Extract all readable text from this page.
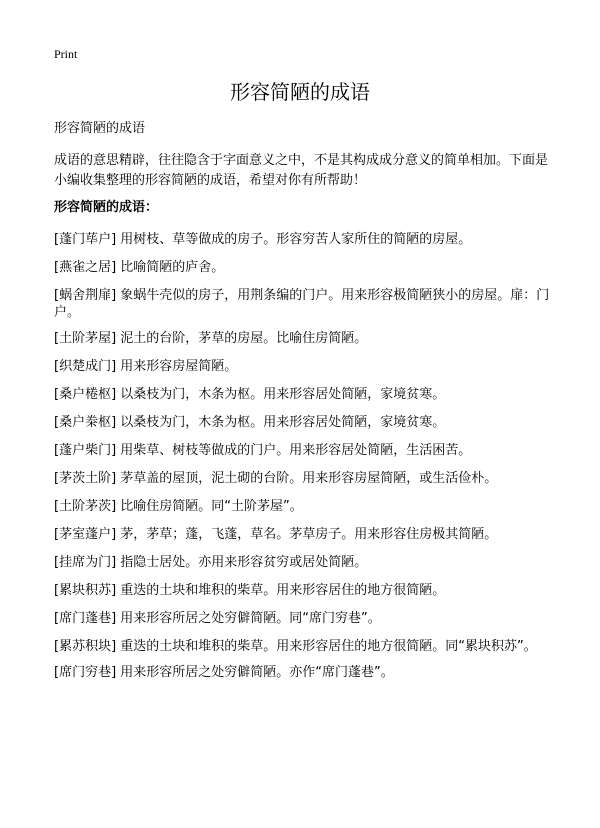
Print
形容简陋的成语
形容简陋的成语
成语的意思精辟，往往隐含于字面意义之中，不是其构成成分意义的简单相加。下面是小编收集整理的形容简陋的成语，希望对你有所帮助！
形容简陋的成语：

[蓬门荜户] 用树枝、草等做成的房子。形容穷苦人家所住的简陋的房屋。

[燕雀之居] 比喻简陋的庐舍。

[蜗舍荆扉] 象蜗牛壳似的房子，用荆条编的门户。用来形容极简陋狭小的房屋。扉：门户。

[土阶茅屋] 泥土的台阶，茅草的房屋。比喻住房简陋。

[织楚成门] 用来形容房屋简陋。

[桑户棬枢] 以桑枝为门，木条为枢。用来形容居处简陋，家境贫寒。

[桑户桊枢] 以桑枝为门，木条为枢。用来形容居处简陋，家境贫寒。

[蓬户柴门] 用柴草、树枝等做成的门户。用来形容居处简陋，生活困苦。

[茅茨土阶] 茅草盖的屋顶，泥土砌的台阶。用来形容房屋简陋，或生活俭朴。

[土阶茅茨] 比喻住房简陋。同“土阶茅屋”。

[茅室蓬户] 茅，茅草；蓬，飞蓬，草名。茅草房子。用来形容住房极其简陋。

[挂席为门] 指隐士居处。亦用来形容贫穷或居处简陋。

[累块积苏] 重迭的土块和堆积的柴草。用来形容居住的地方很简陋。

[席门蓬巷] 用来形容所居之处穷僻简陋。同“席门穷巷”。

[累苏积块] 重迭的土块和堆积的柴草。用来形容居住的地方很简陋。同“累块积苏”。

[席门穷巷] 用来形容所居之处穷僻简陋。亦作“席门蓬巷”。
